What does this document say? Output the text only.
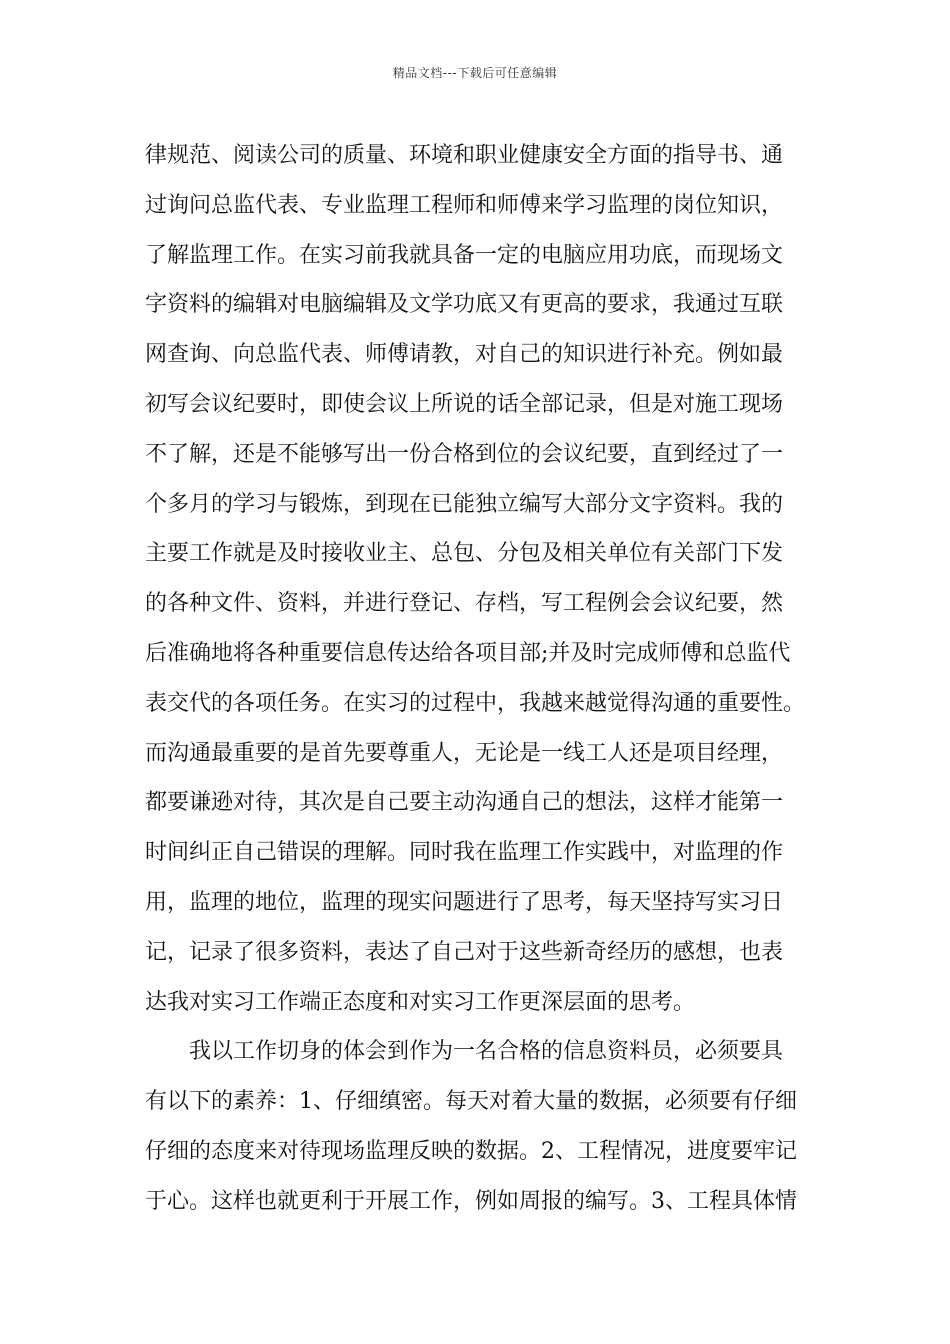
精品文档---下载后可任意编辑
律规范、阅读公司的质量、环境和职业健康安全方面的指导书、通
过询问总监代表、专业监理工程师和师傅来学习监理的岗位知识，
了解监理工作。在实习前我就具备一定的电脑应用功底，而现场文
字资料的编辑对电脑编辑及文学功底又有更高的要求，我通过互联
网查询、向总监代表、师傅请教，对自己的知识进行补充。例如最
初写会议纪要时，即使会议上所说的话全部记录，但是对施工现场
不了解，还是不能够写出一份合格到位的会议纪要，直到经过了一
个多月的学习与锻炼，到现在已能独立编写大部分文字资料。我的
主要工作就是及时接收业主、总包、分包及相关单位有关部门下发
的各种文件、资料，并进行登记、存档，写工程例会会议纪要，然
后准确地将各种重要信息传达给各项目部;并及时完成师傅和总监代
表交代的各项任务。在实习的过程中，我越来越觉得沟通的重要性。
而沟通最重要的是首先要尊重人，无论是一线工人还是项目经理，
都要谦逊对待，其次是自己要主动沟通自己的想法，这样才能第一
时间纠正自己错误的理解。同时我在监理工作实践中，对监理的作
用，监理的地位，监理的现实问题进行了思考，每天坚持写实习日
记，记录了很多资料，表达了自己对于这些新奇经历的感想，也表
达我对实习工作端正态度和对实习工作更深层面的思考。
我以工作切身的体会到作为一名合格的信息资料员，必须要具
有以下的素养：1、仔细缜密。每天对着大量的数据，必须要有仔细
仔细的态度来对待现场监理反映的数据。2、工程情况，进度要牢记
于心。这样也就更利于开展工作，例如周报的编写。3、工程具体情
